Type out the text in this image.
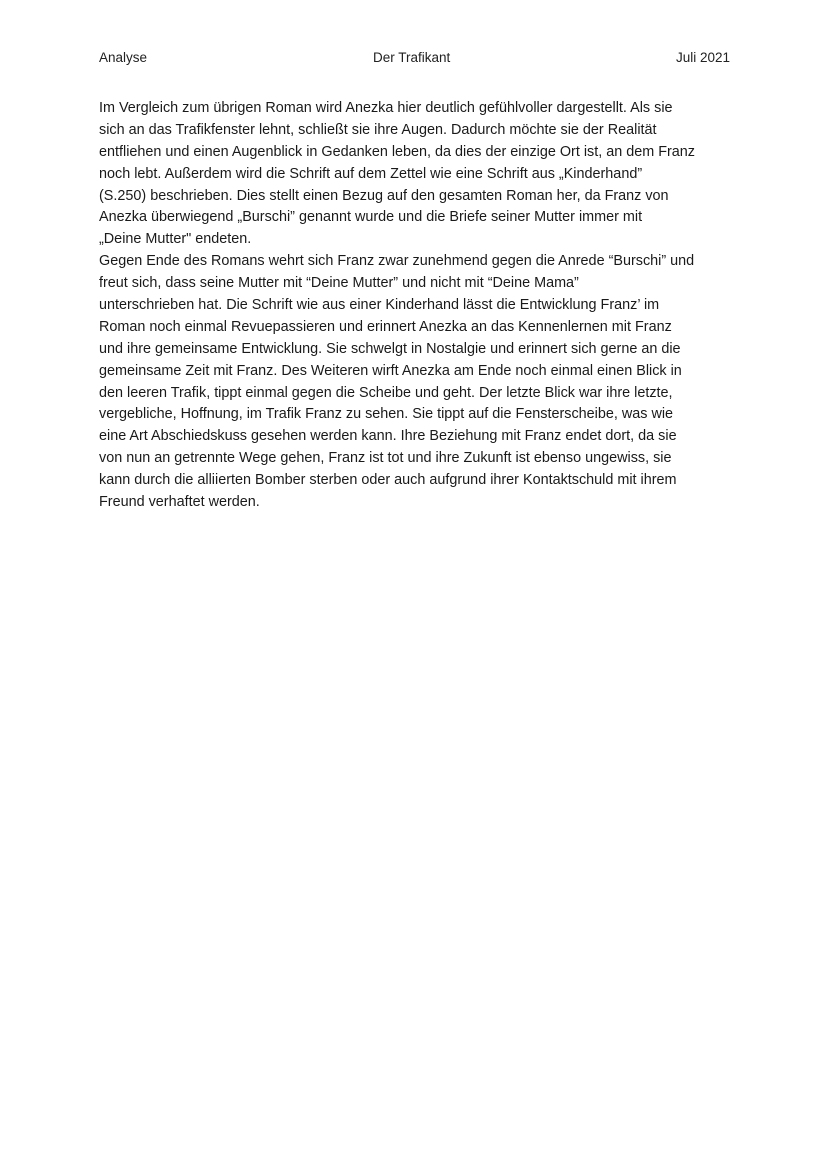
Analyse	Der Trafikant	Juli 2021
Im Vergleich zum übrigen Roman wird Anezka hier deutlich gefühlvoller dargestellt. Als sie
sich an das Trafikfenster lehnt, schließt sie ihre Augen. Dadurch möchte sie der Realität
entfliehen und einen Augenblick in Gedanken leben, da dies der einzige Ort ist, an dem Franz
noch lebt. Außerdem wird die Schrift auf dem Zettel wie eine Schrift aus „Kinderhand”
(S.250) beschrieben. Dies stellt einen Bezug auf den gesamten Roman her, da Franz von
Anezka überwiegend „Burschi” genannt wurde und die Briefe seiner Mutter immer mit
„Deine Mutter" endeten.
Gegen Ende des Romans wehrt sich Franz zwar zunehmend gegen die Anrede “Burschi” und
freut sich, dass seine Mutter mit “Deine Mutter” und nicht mit “Deine Mama”
unterschrieben hat. Die Schrift wie aus einer Kinderhand lässt die Entwicklung Franz’ im
Roman noch einmal Revuepassieren und erinnert Anezka an das Kennenlernen mit Franz
und ihre gemeinsame Entwicklung. Sie schwelgt in Nostalgie und erinnert sich gerne an die
gemeinsame Zeit mit Franz. Des Weiteren wirft Anezka am Ende noch einmal einen Blick in
den leeren Trafik, tippt einmal gegen die Scheibe und geht. Der letzte Blick war ihre letzte,
vergebliche, Hoffnung, im Trafik Franz zu sehen. Sie tippt auf die Fensterscheibe, was wie
eine Art Abschiedskuss gesehen werden kann. Ihre Beziehung mit Franz endet dort, da sie
von nun an getrennte Wege gehen, Franz ist tot und ihre Zukunft ist ebenso ungewiss, sie
kann durch die alliierten Bomber sterben oder auch aufgrund ihrer Kontaktschuld mit ihrem
Freund verhaftet werden.
